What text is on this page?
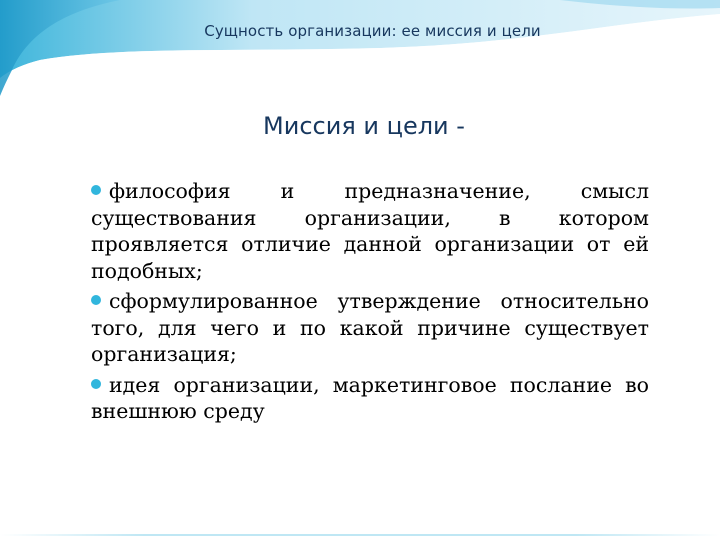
Сущность организации: ее миссия и цели
Миссия и цели -

философия и предназначение, смысл существования организации, в котором проявляется отличие данной организации от ей подобных;

сформулированное утверждение относительно того, для чего и по какой причине существует организация;

идея организации, маркетинговое послание во внешнюю среду
